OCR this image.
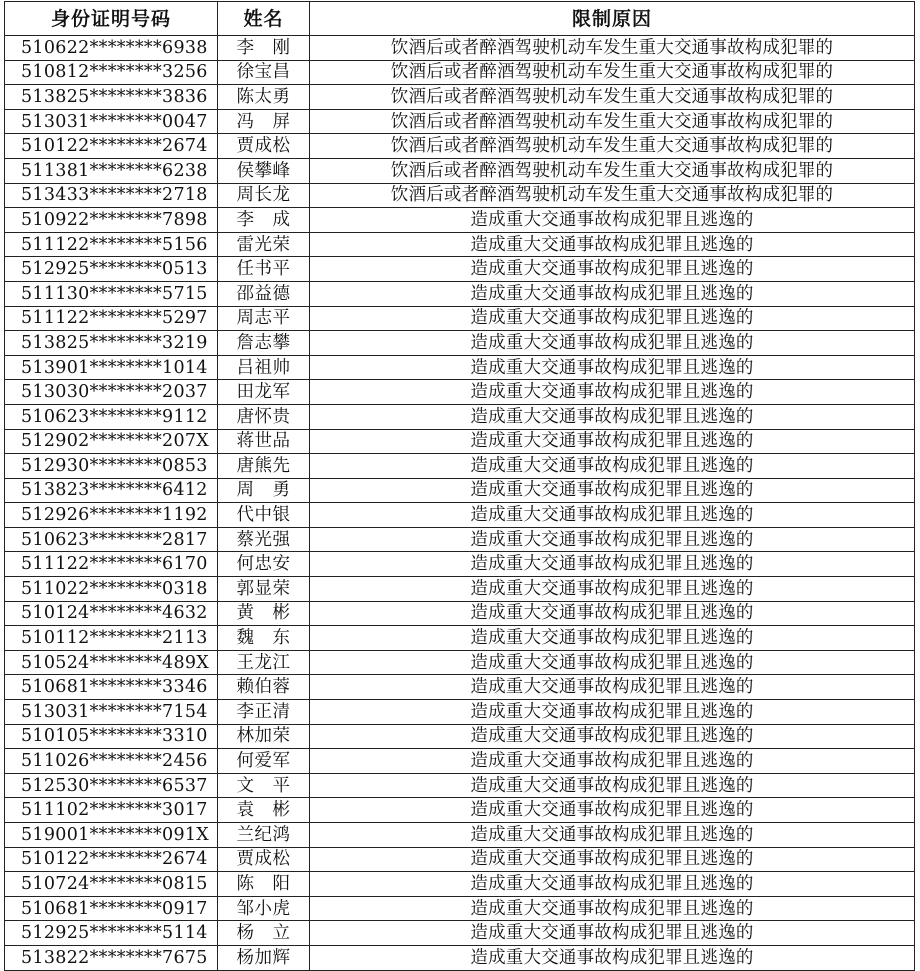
身份证明号码	姓名	限制原因
510622********6938	李　刚	饮酒后或者醉酒驾驶机动车发生重大交通事故构成犯罪的
510812********3256	徐宝昌	饮酒后或者醉酒驾驶机动车发生重大交通事故构成犯罪的
513825********3836	陈太勇	饮酒后或者醉酒驾驶机动车发生重大交通事故构成犯罪的
513031********0047	冯　屏	饮酒后或者醉酒驾驶机动车发生重大交通事故构成犯罪的
510122********2674	贾成松	饮酒后或者醉酒驾驶机动车发生重大交通事故构成犯罪的
511381********6238	侯攀峰	饮酒后或者醉酒驾驶机动车发生重大交通事故构成犯罪的
513433********2718	周长龙	饮酒后或者醉酒驾驶机动车发生重大交通事故构成犯罪的
510922********7898	李　成	造成重大交通事故构成犯罪且逃逸的
511122********5156	雷光荣	造成重大交通事故构成犯罪且逃逸的
512925********0513	任书平	造成重大交通事故构成犯罪且逃逸的
511130********5715	邵益德	造成重大交通事故构成犯罪且逃逸的
511122********5297	周志平	造成重大交通事故构成犯罪且逃逸的
513825********3219	詹志攀	造成重大交通事故构成犯罪且逃逸的
513901********1014	吕祖帅	造成重大交通事故构成犯罪且逃逸的
513030********2037	田龙军	造成重大交通事故构成犯罪且逃逸的
510623********9112	唐怀贵	造成重大交通事故构成犯罪且逃逸的
512902********207X	蒋世品	造成重大交通事故构成犯罪且逃逸的
512930********0853	唐熊先	造成重大交通事故构成犯罪且逃逸的
513823********6412	周　勇	造成重大交通事故构成犯罪且逃逸的
512926********1192	代中银	造成重大交通事故构成犯罪且逃逸的
510623********2817	蔡光强	造成重大交通事故构成犯罪且逃逸的
511122********6170	何忠安	造成重大交通事故构成犯罪且逃逸的
511022********0318	郭显荣	造成重大交通事故构成犯罪且逃逸的
510124********4632	黄　彬	造成重大交通事故构成犯罪且逃逸的
510112********2113	魏　东	造成重大交通事故构成犯罪且逃逸的
510524********489X	王龙江	造成重大交通事故构成犯罪且逃逸的
510681********3346	赖伯蓉	造成重大交通事故构成犯罪且逃逸的
513031********7154	李正清	造成重大交通事故构成犯罪且逃逸的
510105********3310	林加荣	造成重大交通事故构成犯罪且逃逸的
511026********2456	何爱军	造成重大交通事故构成犯罪且逃逸的
512530********6537	文　平	造成重大交通事故构成犯罪且逃逸的
511102********3017	袁　彬	造成重大交通事故构成犯罪且逃逸的
519001********091X	兰纪鸿	造成重大交通事故构成犯罪且逃逸的
510122********2674	贾成松	造成重大交通事故构成犯罪且逃逸的
510724********0815	陈　阳	造成重大交通事故构成犯罪且逃逸的
510681********0917	邹小虎	造成重大交通事故构成犯罪且逃逸的
512925********5114	杨　立	造成重大交通事故构成犯罪且逃逸的
513822********7675	杨加辉	造成重大交通事故构成犯罪且逃逸的
